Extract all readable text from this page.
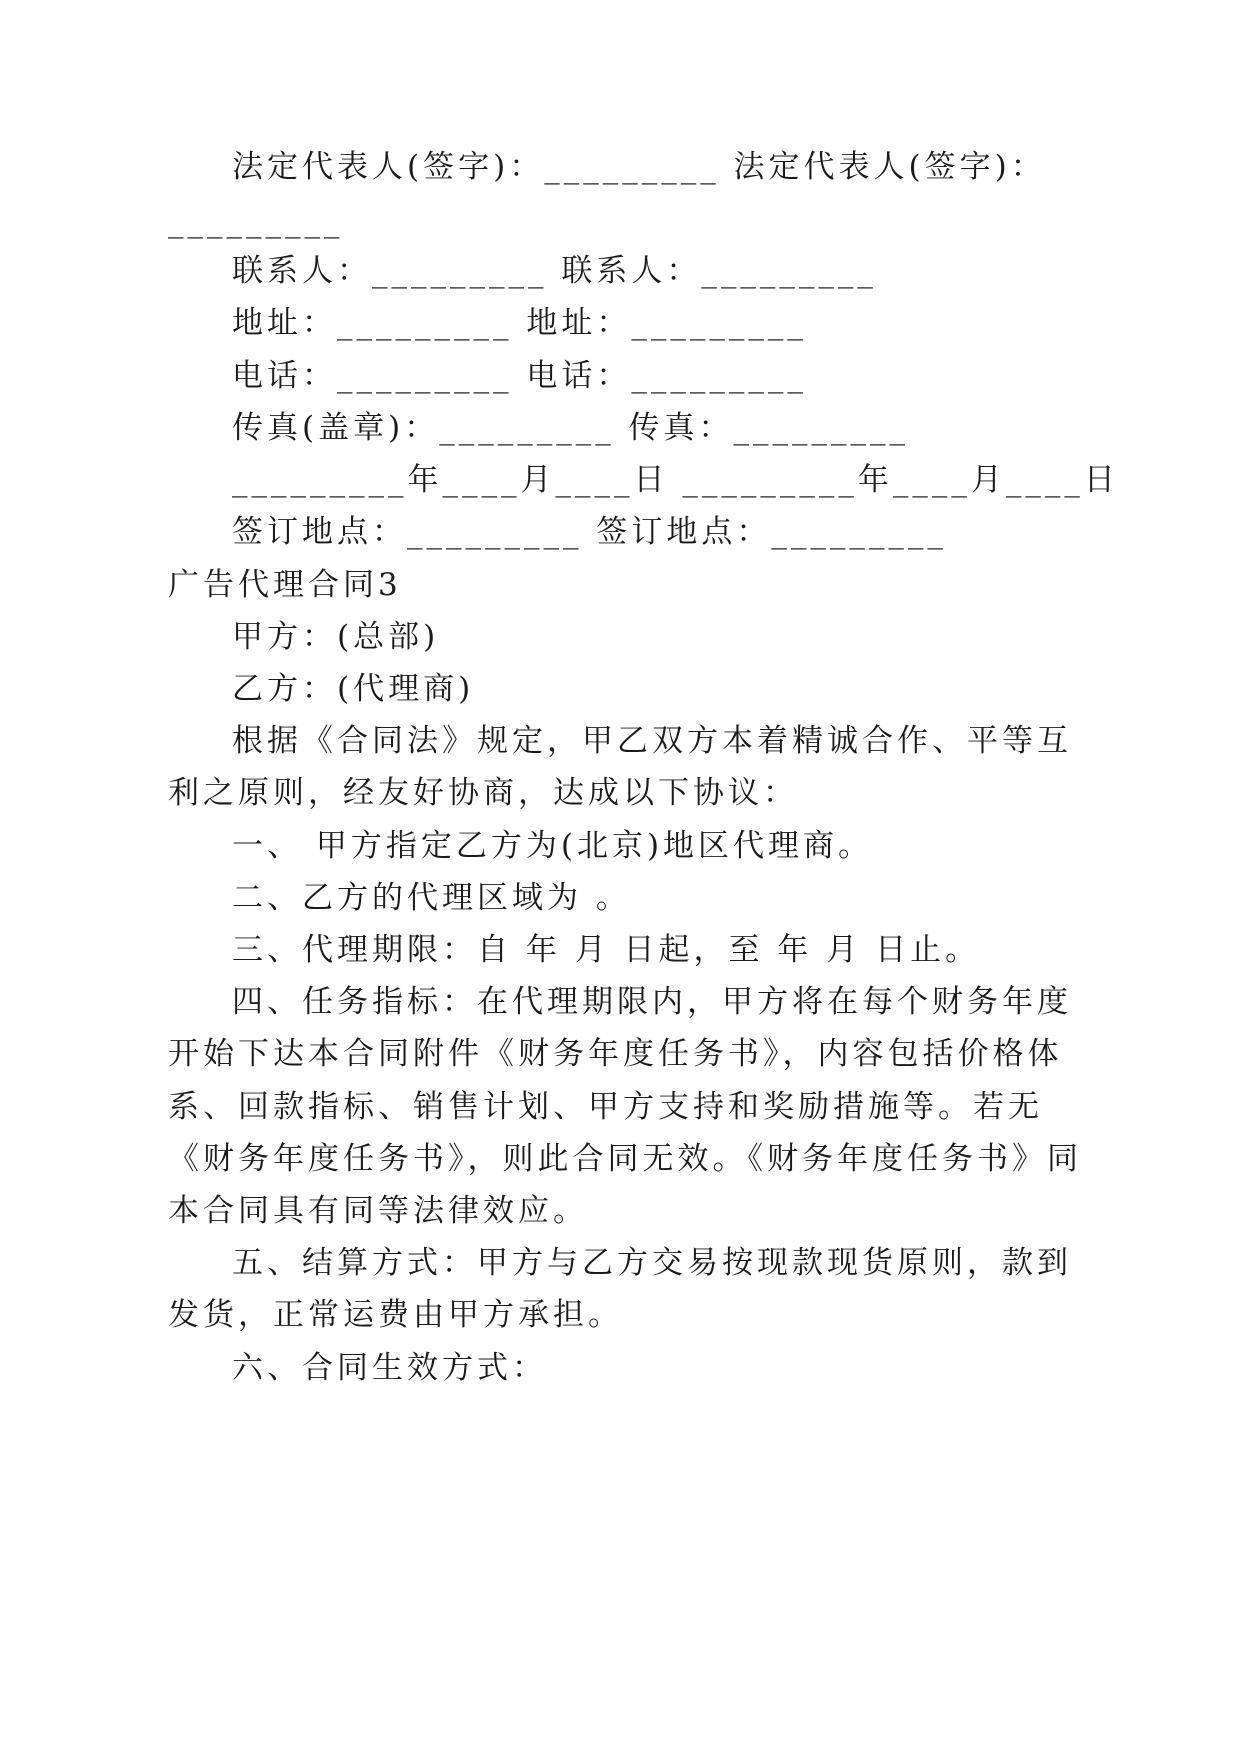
法定代表人(签字)：_________ 法定代表人(签字)：
_________
联系人：_________ 联系人：_________
地址：_________ 地址：_________
电话：_________ 电话：_________
传真(盖章)：_________ 传真：_________
_________年____月____日 _________年____月____日
签订地点：_________ 签订地点：_________
广告代理合同3
甲方：(总部)
乙方：(代理商)
根据《合同法》规定，甲乙双方本着精诚合作、平等互
利之原则，经友好协商，达成以下协议：
一、 甲方指定乙方为(北京)地区代理商。
二、乙方的代理区域为 。
三、代理期限：自 年 月 日起，至 年 月 日止。
四、任务指标：在代理期限内，甲方将在每个财务年度
开始下达本合同附件《财务年度任务书》，内容包括价格体
系、回款指标、销售计划、甲方支持和奖励措施等。若无
《财务年度任务书》，则此合同无效。《财务年度任务书》同
本合同具有同等法律效应。
五、结算方式：甲方与乙方交易按现款现货原则，款到
发货，正常运费由甲方承担。
六、合同生效方式：
